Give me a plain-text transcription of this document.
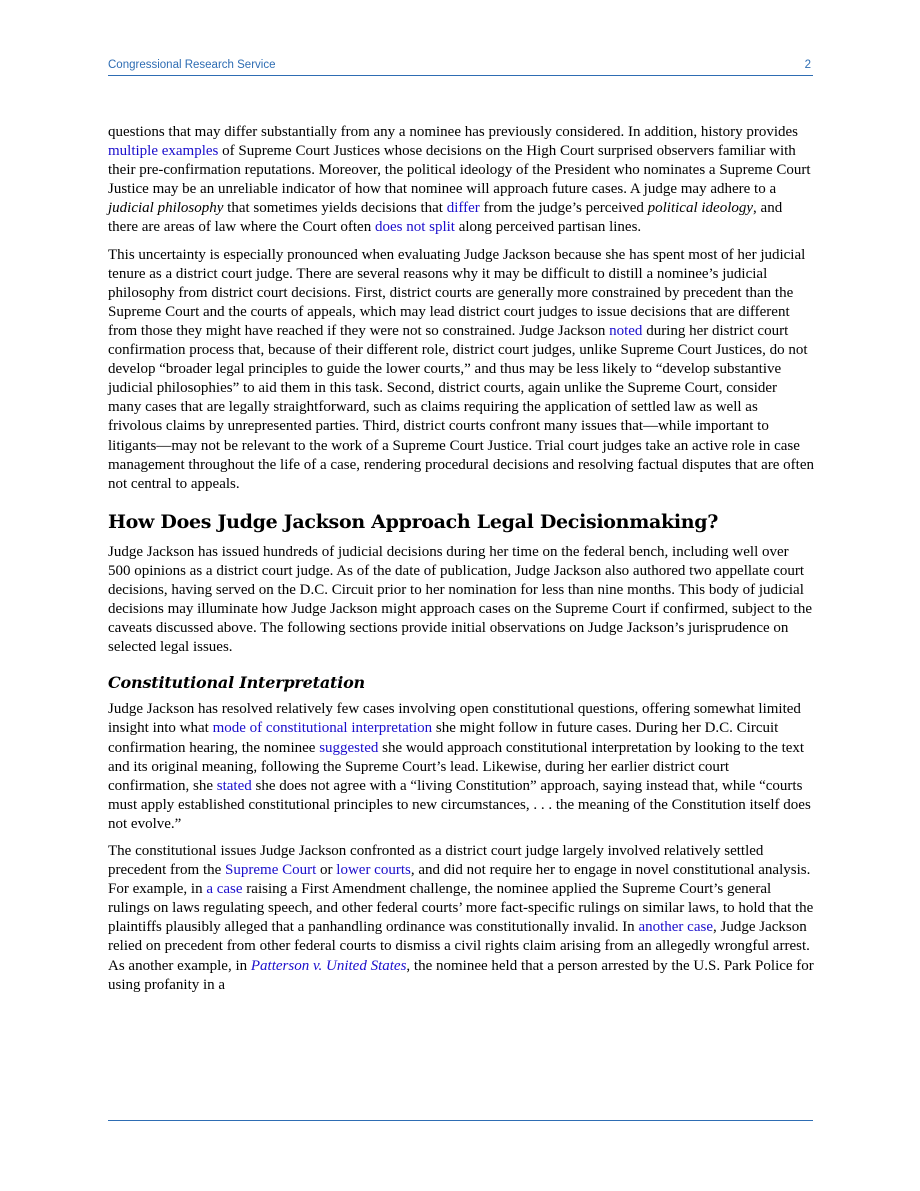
Congressional Research Service	2

questions that may differ substantially from any a nominee has previously considered. In addition, history provides multiple examples of Supreme Court Justices whose decisions on the High Court surprised observers familiar with their pre-confirmation reputations. Moreover, the political ideology of the President who nominates a Supreme Court Justice may be an unreliable indicator of how that nominee will approach future cases. A judge may adhere to a judicial philosophy that sometimes yields decisions that differ from the judge’s perceived political ideology, and there are areas of law where the Court often does not split along perceived partisan lines.

This uncertainty is especially pronounced when evaluating Judge Jackson because she has spent most of her judicial tenure as a district court judge. There are several reasons why it may be difficult to distill a nominee’s judicial philosophy from district court decisions. First, district courts are generally more constrained by precedent than the Supreme Court and the courts of appeals, which may lead district court judges to issue decisions that are different from those they might have reached if they were not so constrained. Judge Jackson noted during her district court confirmation process that, because of their different role, district court judges, unlike Supreme Court Justices, do not develop “broader legal principles to guide the lower courts,” and thus may be less likely to “develop substantive judicial philosophies” to aid them in this task. Second, district courts, again unlike the Supreme Court, consider many cases that are legally straightforward, such as claims requiring the application of settled law as well as frivolous claims by unrepresented parties. Third, district courts confront many issues that—while important to litigants—may not be relevant to the work of a Supreme Court Justice. Trial court judges take an active role in case management throughout the life of a case, rendering procedural decisions and resolving factual disputes that are often not central to appeals.

How Does Judge Jackson Approach Legal Decisionmaking?

Judge Jackson has issued hundreds of judicial decisions during her time on the federal bench, including well over 500 opinions as a district court judge. As of the date of publication, Judge Jackson also authored two appellate court decisions, having served on the D.C. Circuit prior to her nomination for less than nine months. This body of judicial decisions may illuminate how Judge Jackson might approach cases on the Supreme Court if confirmed, subject to the caveats discussed above. The following sections provide initial observations on Judge Jackson’s jurisprudence on selected legal issues.

Constitutional Interpretation

Judge Jackson has resolved relatively few cases involving open constitutional questions, offering somewhat limited insight into what mode of constitutional interpretation she might follow in future cases. During her D.C. Circuit confirmation hearing, the nominee suggested she would approach constitutional interpretation by looking to the text and its original meaning, following the Supreme Court’s lead. Likewise, during her earlier district court confirmation, she stated she does not agree with a “living Constitution” approach, saying instead that, while “courts must apply established constitutional principles to new circumstances, . . . the meaning of the Constitution itself does not evolve.”

The constitutional issues Judge Jackson confronted as a district court judge largely involved relatively settled precedent from the Supreme Court or lower courts, and did not require her to engage in novel constitutional analysis. For example, in a case raising a First Amendment challenge, the nominee applied the Supreme Court’s general rulings on laws regulating speech, and other federal courts’ more fact-specific rulings on similar laws, to hold that the plaintiffs plausibly alleged that a panhandling ordinance was constitutionally invalid. In another case, Judge Jackson relied on precedent from other federal courts to dismiss a civil rights claim arising from an allegedly wrongful arrest. As another example, in Patterson v. United States, the nominee held that a person arrested by the U.S. Park Police for using profanity in a
